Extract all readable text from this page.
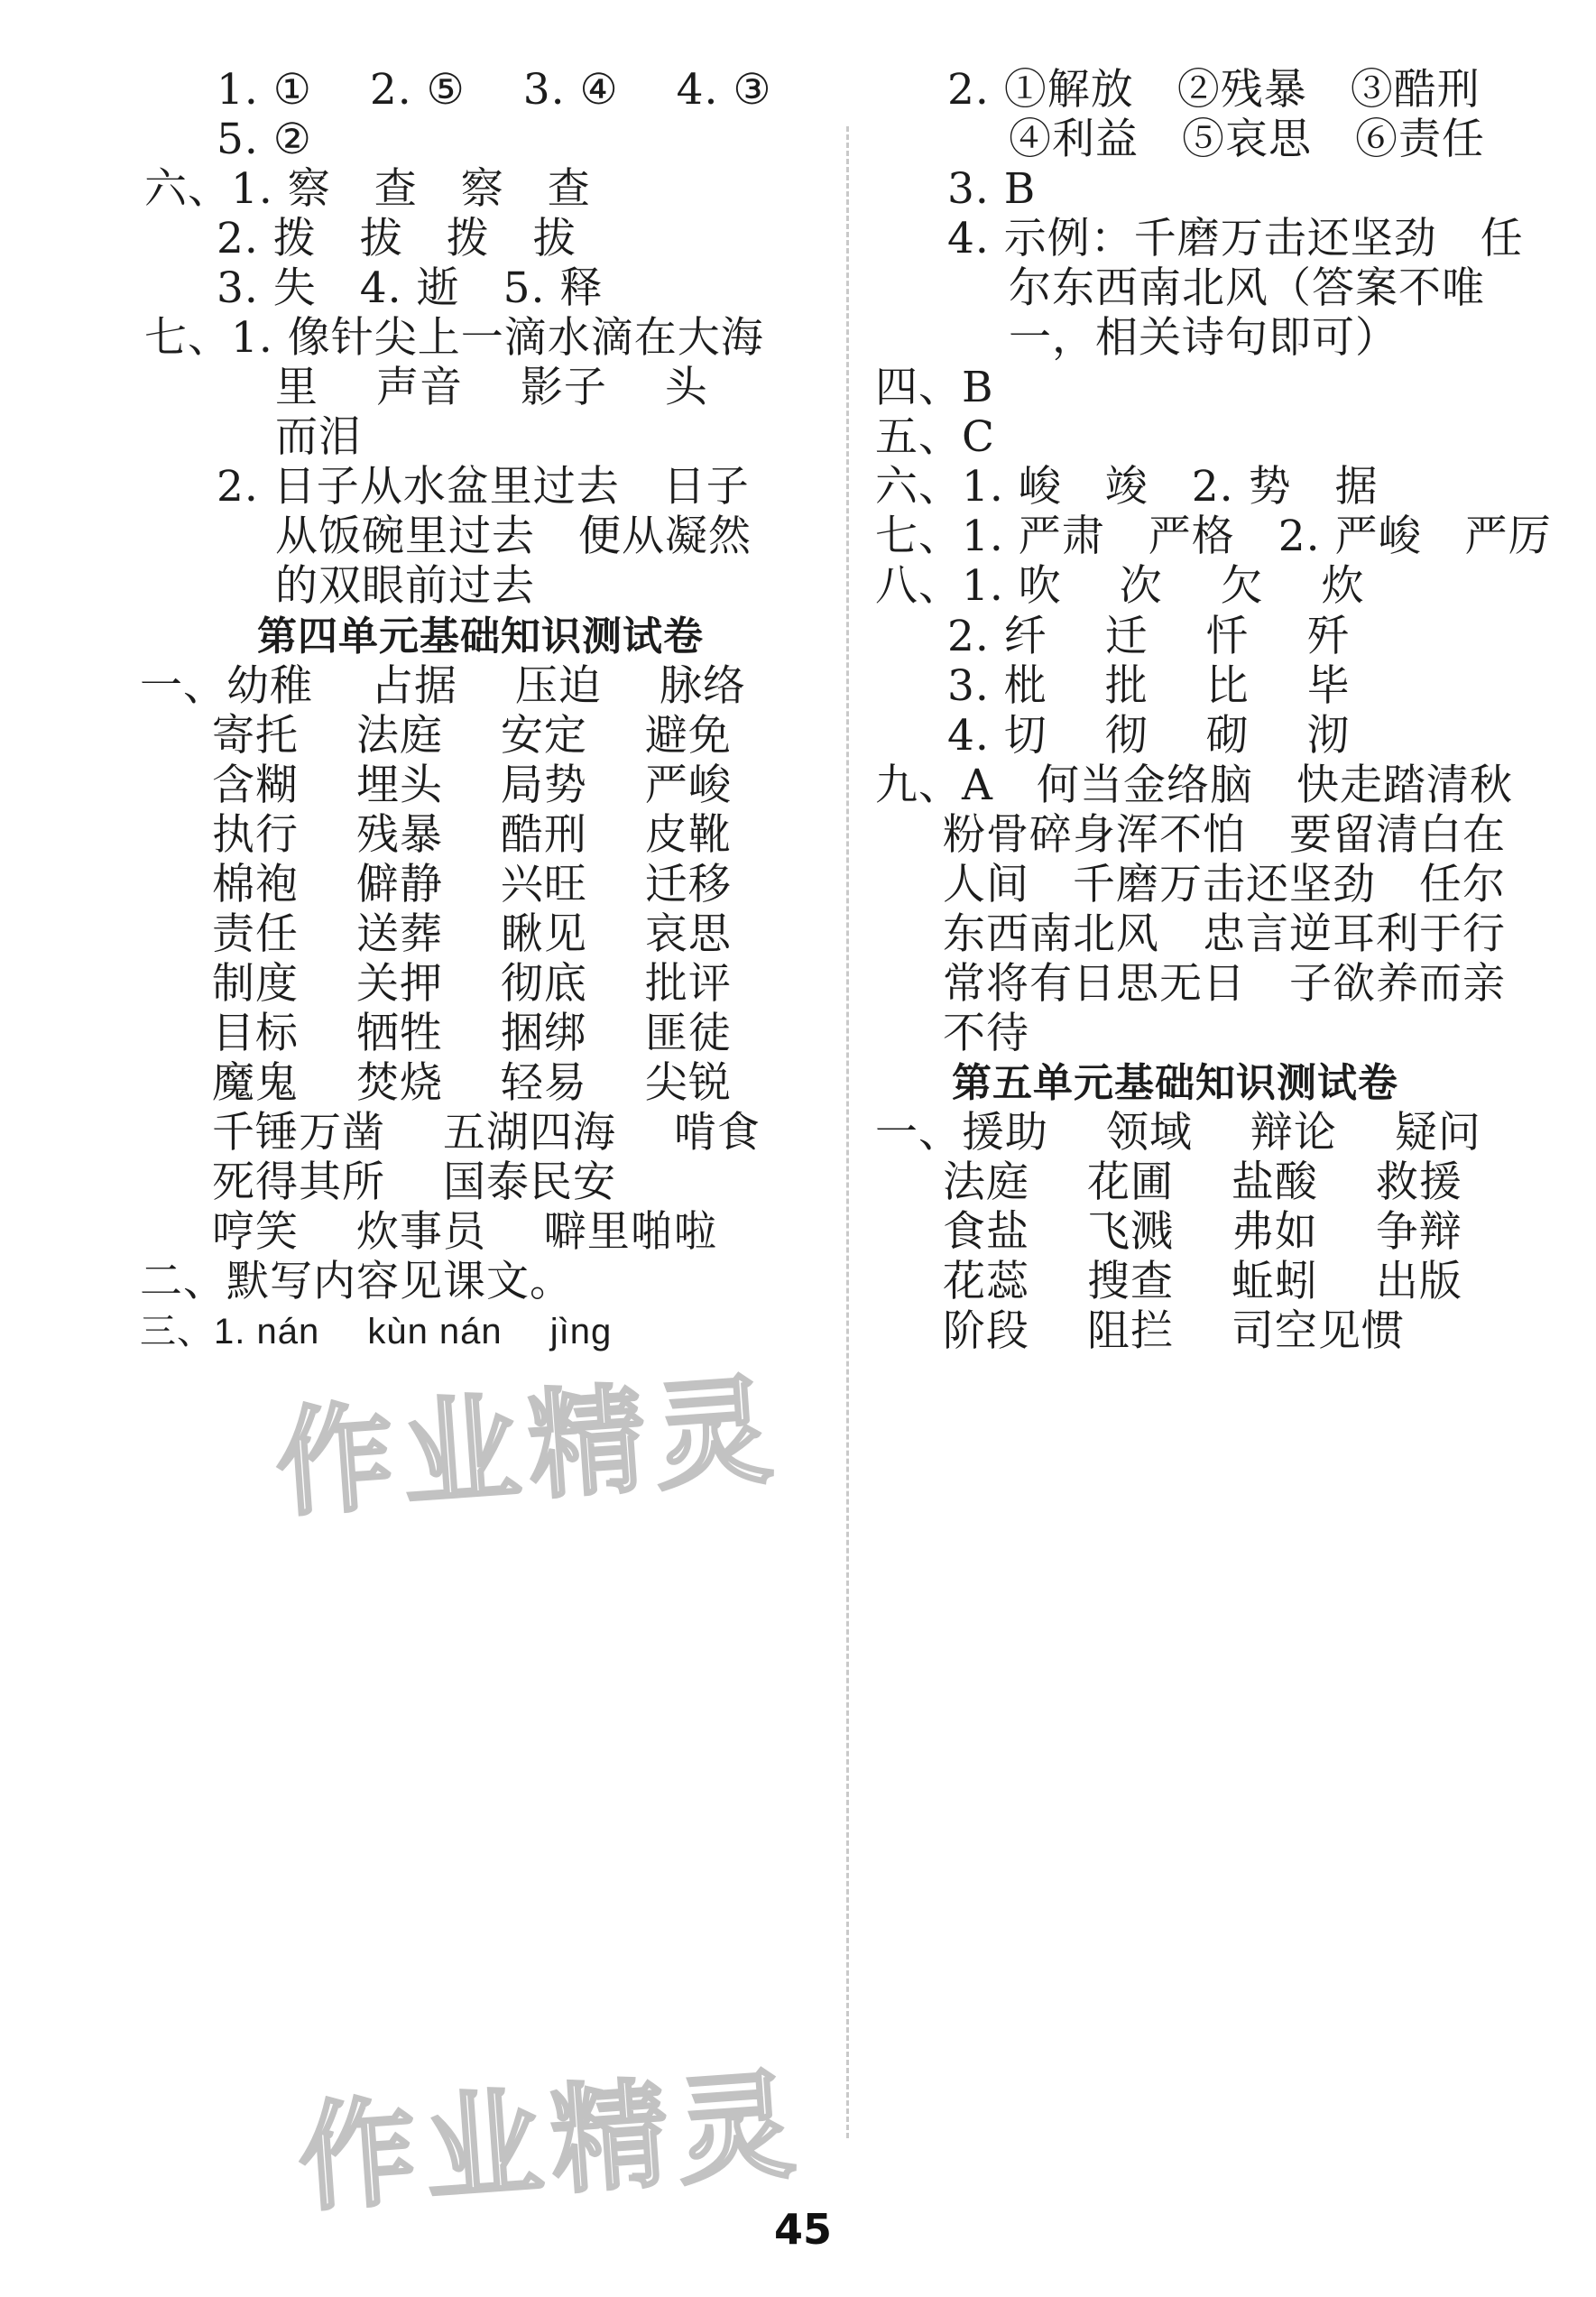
1. ①　 2. ⑤　 3. ④　 4. ③
5. ②
六、1. 察　查　察　查
2. 拨　拔　拨　拔
3. 失　4. 逝　5. 释
七、1. 像针尖上一滴水滴在大海
里　 声音　 影子　 头
而泪
2. 日子从水盆里过去　日子
从饭碗里过去　便从凝然
的双眼前过去
第四单元基础知识测试卷
一、幼稚　 占据　 压迫　 脉络
寄托　 法庭　 安定　 避免
含糊　 埋头　 局势　 严峻
执行　 残暴　 酷刑　 皮靴
棉袍　 僻静　 兴旺　 迁移
责任　 送葬　 瞅见　 哀思
制度　 关押　 彻底　 批评
目标　 牺牲　 捆绑　 匪徒
魔鬼　 焚烧　 轻易　 尖锐
千锤万凿　 五湖四海　 啃食
死得其所　 国泰民安
哼笑　 炊事员　 噼里啪啦
二、默写内容见课文。
三、1. nán　 kùn nán　 jìng
2. ①解放　②残暴　③酷刑
④利益　⑤哀思　⑥责任
3. B
4. 示例：千磨万击还坚劲　任
尔东西南北风（答案不唯
一，相关诗句即可）
四、B
五、C
六、1. 峻　竣　2. 势　据
七、1. 严肃　严格　2. 严峻　严厉
八、1. 吹　 次　 欠　 炊
2. 纤　 迁　 忏　 歼
3. 枇　 批　 比　 毕
4. 切　 彻　 砌　 沏
九、A　何当金络脑　快走踏清秋
粉骨碎身浑不怕　要留清白在
人间　千磨万击还坚劲　任尔
东西南北风　忠言逆耳利于行
常将有日思无日　子欲养而亲
不待
第五单元基础知识测试卷
一、援助　 领域　 辩论　 疑问
法庭　 花圃　 盐酸　 救援
食盐　 飞溅　 弗如　 争辩
花蕊　 搜查　 蚯蚓　 出版
阶段　 阻拦　 司空见惯
作业精灵
作业精灵
45
